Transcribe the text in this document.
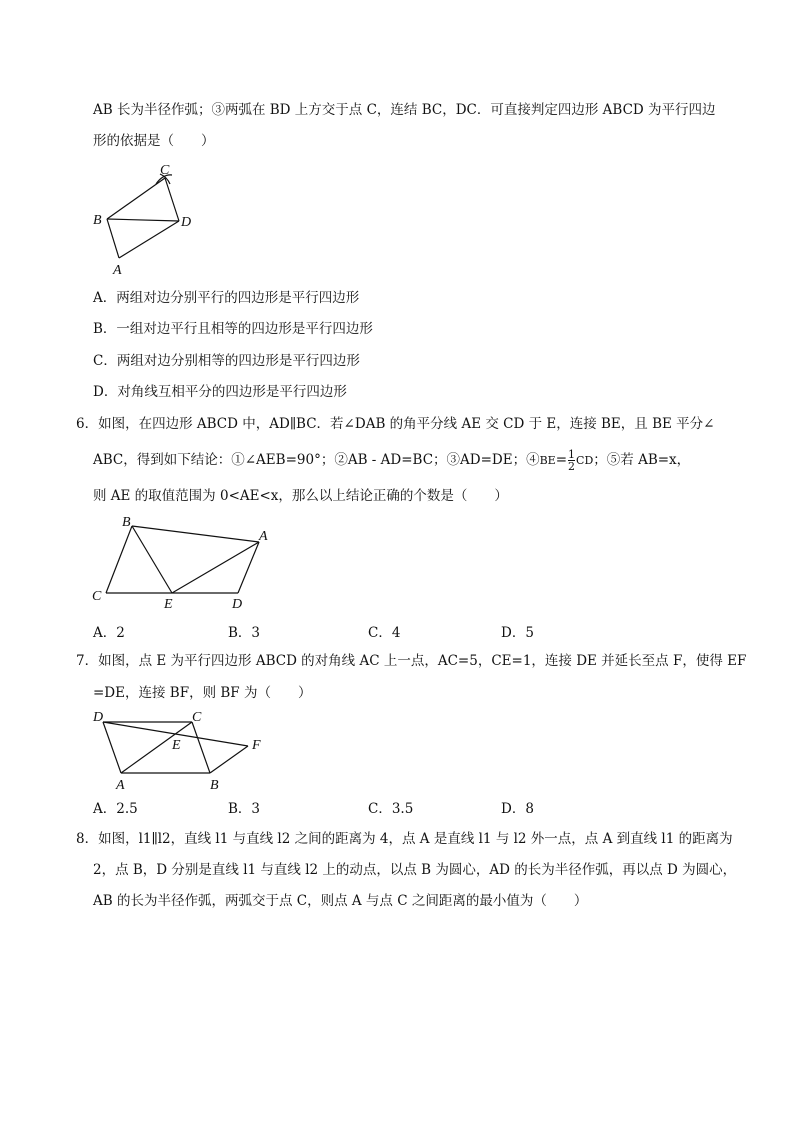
AB 长为半径作弧；③两弧在 BD 上方交于点 C，连结 BC，DC．可直接判定四边形 ABCD 为平行四边
形的依据是（　　）
C
B	D
A
A．两组对边分别平行的四边形是平行四边形
B．一组对边平行且相等的四边形是平行四边形
C．两组对边分别相等的四边形是平行四边形
D．对角线互相平分的四边形是平行四边形
6．如图，在四边形 ABCD 中，AD∥BC．若∠DAB 的角平分线 AE 交 CD 于 E，连接 BE，且 BE 平分∠
ABC，得到如下结论：①∠AEB=90°；②AB - AD=BC；③AD=DE；④BE= $\frac{1}{2}$ CD；⑤若 AB=x，
则 AE 的取值范围为 0<AE<x，那么以上结论正确的个数是（　　）
B
A
C
E	D
A．2	B．3	C．4	D．5
7．如图，点 E 为平行四边形 ABCD 的对角线 AC 上一点，AC=5，CE=1，连接 DE 并延长至点 F，使得 EF
=DE，连接 BF，则 BF 为（　　）
D	C
E	F
A	B
A．2.5	B．3	C．3.5	D．8
8．如图，l1∥l2，直线 l1 与直线 l2 之间的距离为 4，点 A 是直线 l1 与 l2 外一点，点 A 到直线 l1 的距离为
2，点 B，D 分别是直线 l1 与直线 l2 上的动点，以点 B 为圆心，AD 的长为半径作弧，再以点 D 为圆心，
AB 的长为半径作弧，两弧交于点 C，则点 A 与点 C 之间距离的最小值为（　　）
